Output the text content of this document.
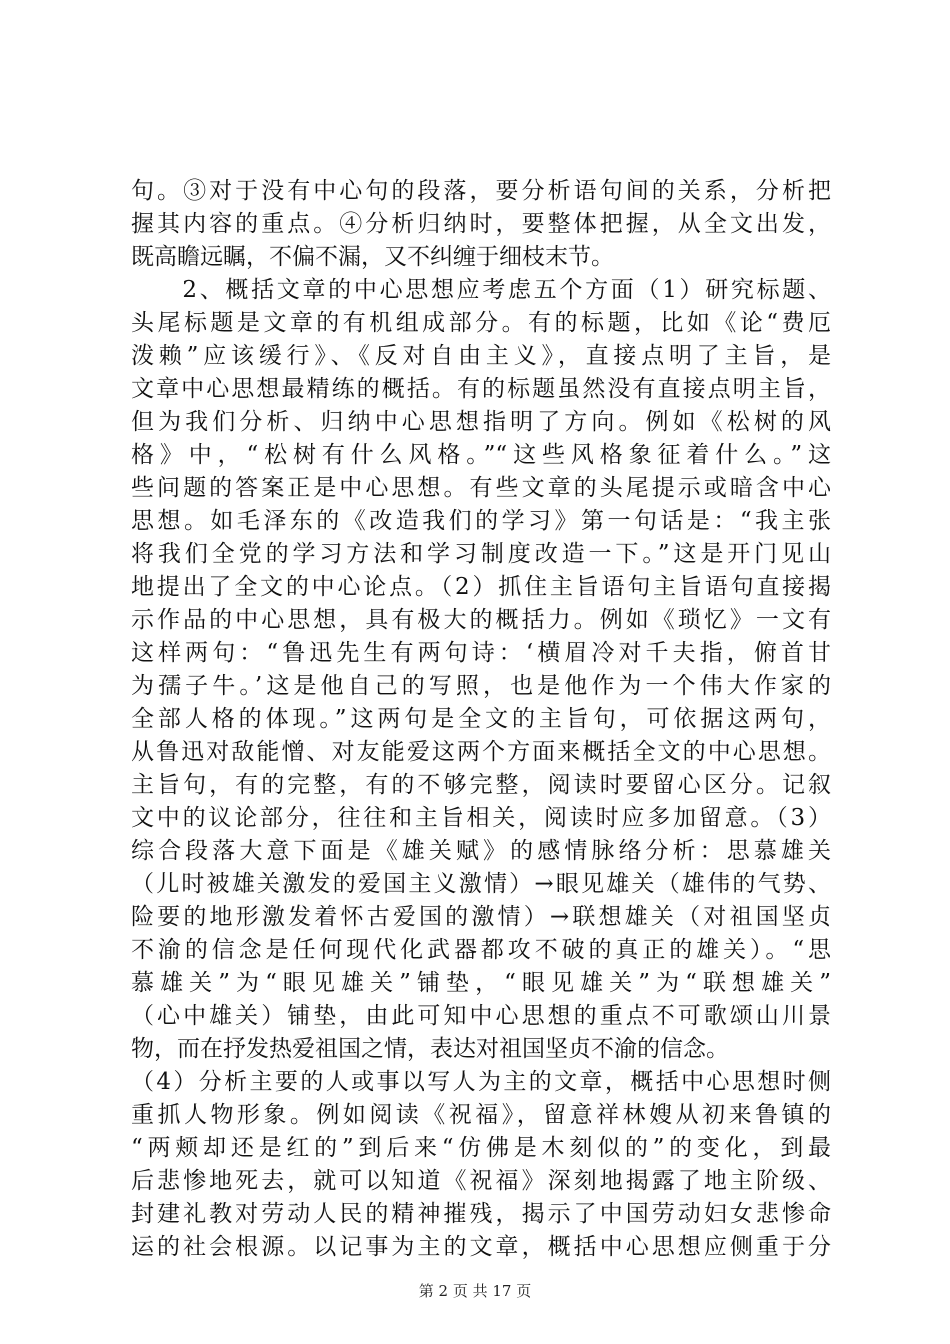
句。③对于没有中心句的段落，要分析语句间的关系，分析把
握其内容的重点。④分析归纳时，要整体把握，从全文出发，
既高瞻远瞩，不偏不漏，又不纠缠于细枝末节。
　　2、概括文章的中心思想应考虑五个方面（1）研究标题、
头尾标题是文章的有机组成部分。有的标题，比如《论“费厄
泼赖”应该缓行》、《反对自由主义》，直接点明了主旨，是
文章中心思想最精练的概括。有的标题虽然没有直接点明主旨，
但为我们分析、归纳中心思想指明了方向。例如《松树的风
格》中，“松树有什么风格。”“这些风格象征着什么。”这
些问题的答案正是中心思想。有些文章的头尾提示或暗含中心
思想。如毛泽东的《改造我们的学习》第一句话是：“我主张
将我们全党的学习方法和学习制度改造一下。”这是开门见山
地提出了全文的中心论点。（2）抓住主旨语句主旨语句直接揭
示作品的中心思想，具有极大的概括力。例如《琐忆》一文有
这样两句：“鲁迅先生有两句诗：‘横眉冷对千夫指，俯首甘
为孺子牛。’这是他自己的写照，也是他作为一个伟大作家的
全部人格的体现。”这两句是全文的主旨句，可依据这两句，
从鲁迅对敌能憎、对友能爱这两个方面来概括全文的中心思想。
主旨句，有的完整，有的不够完整，阅读时要留心区分。记叙
文中的议论部分，往往和主旨相关，阅读时应多加留意。（3）
综合段落大意下面是《雄关赋》的感情脉络分析：思慕雄关
（儿时被雄关激发的爱国主义激情）→眼见雄关（雄伟的气势、
险要的地形激发着怀古爱国的激情）→联想雄关（对祖国坚贞
不渝的信念是任何现代化武器都攻不破的真正的雄关）。“思
慕雄关”为“眼见雄关”铺垫，“眼见雄关”为“联想雄关”
（心中雄关）铺垫，由此可知中心思想的重点不可歌颂山川景
物，而在抒发热爱祖国之情，表达对祖国坚贞不渝的信念。
（4）分析主要的人或事以写人为主的文章，概括中心思想时侧
重抓人物形象。例如阅读《祝福》，留意祥林嫂从初来鲁镇的
“两颊却还是红的”到后来“仿佛是木刻似的”的变化，到最
后悲惨地死去，就可以知道《祝福》深刻地揭露了地主阶级、
封建礼教对劳动人民的精神摧残，揭示了中国劳动妇女悲惨命
运的社会根源。以记事为主的文章，概括中心思想应侧重于分
第 2 页 共 17 页
